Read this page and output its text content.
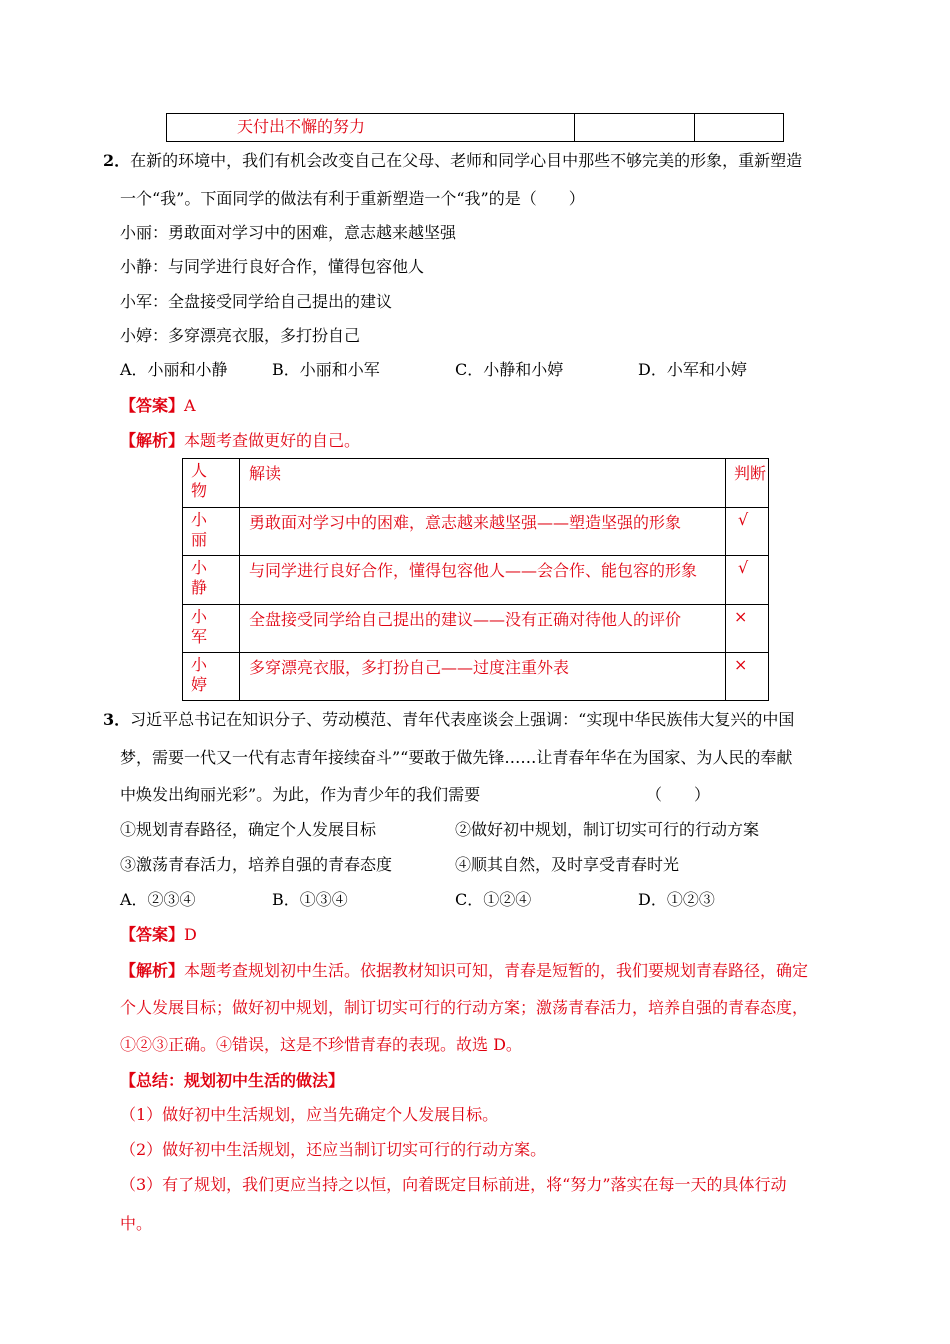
天付出不懈的努力		
2．在新的环境中，我们有机会改变自己在父母、老师和同学心目中那些不够完美的形象，重新塑造
一个“我”。下面同学的做法有利于重新塑造一个“我”的是（　　）
小丽：勇敢面对学习中的困难，意志越来越坚强
小静：与同学进行良好合作，懂得包容他人
小军：全盘接受同学给自己提出的建议
小婷：多穿漂亮衣服，多打扮自己
A．小丽和小静	B．小丽和小军	C．小静和小婷	D．小军和小婷
【答案】A
【解析】本题考查做更好的自己。
人物	解读	判断

小丽	勇敢面对学习中的困难，意志越来越坚强——塑造坚强的形象	√

小静	与同学进行良好合作，懂得包容他人——会合作、能包容的形象	√

小军	全盘接受同学给自己提出的建议——没有正确对待他人的评价	×

小婷	多穿漂亮衣服，多打扮自己——过度注重外表	×
3．习近平总书记在知识分子、劳动模范、青年代表座谈会上强调：“实现中华民族伟大复兴的中国
梦，需要一代又一代有志青年接续奋斗”“要敢于做先锋……让青春年华在为国家、为人民的奉献
中焕发出绚丽光彩”。为此，作为青少年的我们需要	（　　）
①规划青春路径，确定个人发展目标	②做好初中规划，制订切实可行的行动方案
③激荡青春活力，培养自强的青春态度	④顺其自然，及时享受青春时光
A．②③④	B．①③④	C．①②④	D．①②③
【答案】D
【解析】本题考查规划初中生活。依据教材知识可知，青春是短暂的，我们要规划青春路径，确定
个人发展目标；做好初中规划，制订切实可行的行动方案；激荡青春活力，培养自强的青春态度，
①②③正确。④错误，这是不珍惜青春的表现。故选 D。
【总结：规划初中生活的做法】
（1）做好初中生活规划，应当先确定个人发展目标。
（2）做好初中生活规划，还应当制订切实可行的行动方案。
（3）有了规划，我们更应当持之以恒，向着既定目标前进，将“努力”落实在每一天的具体行动
中。
